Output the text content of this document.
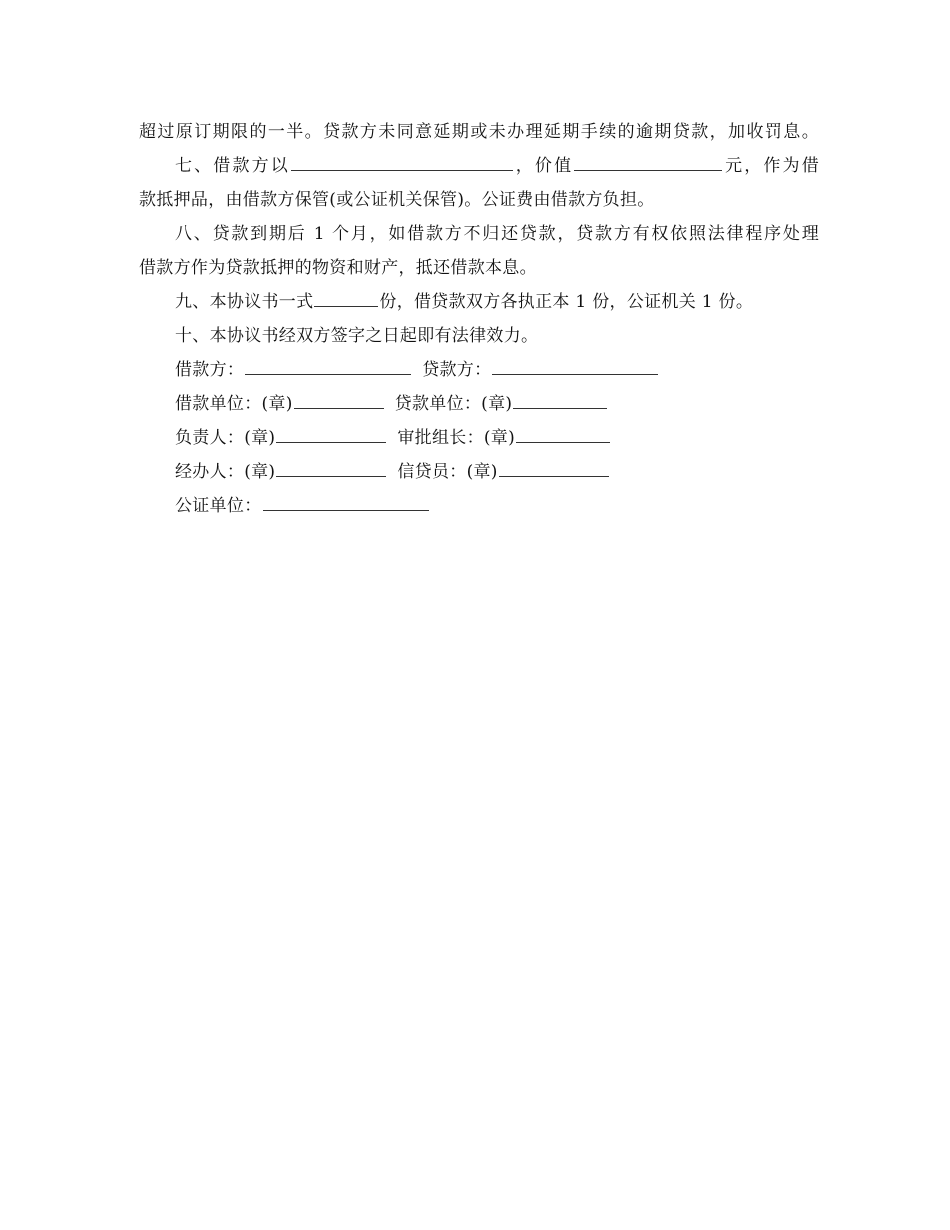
超过原订期限的一半。贷款方未同意延期或未办理延期手续的逾期贷款，加收罚息。
七、借款方以	，价值	元，作为借
款抵押品，由借款方保管(或公证机关保管)。公证费由借款方负担。
八、贷款到期后 1 个月，如借款方不归还贷款，贷款方有权依照法律程序处理
借款方作为贷款抵押的物资和财产，抵还借款本息。
九、本协议书一式	份，借贷款双方各执正本 1 份，公证机关 1 份。
十、本协议书经双方签字之日起即有法律效力。
借款方：	贷款方：
借款单位：(章)	贷款单位：(章)
负责人：(章)	审批组长：(章)
经办人：(章)	信贷员：(章)
公证单位：
